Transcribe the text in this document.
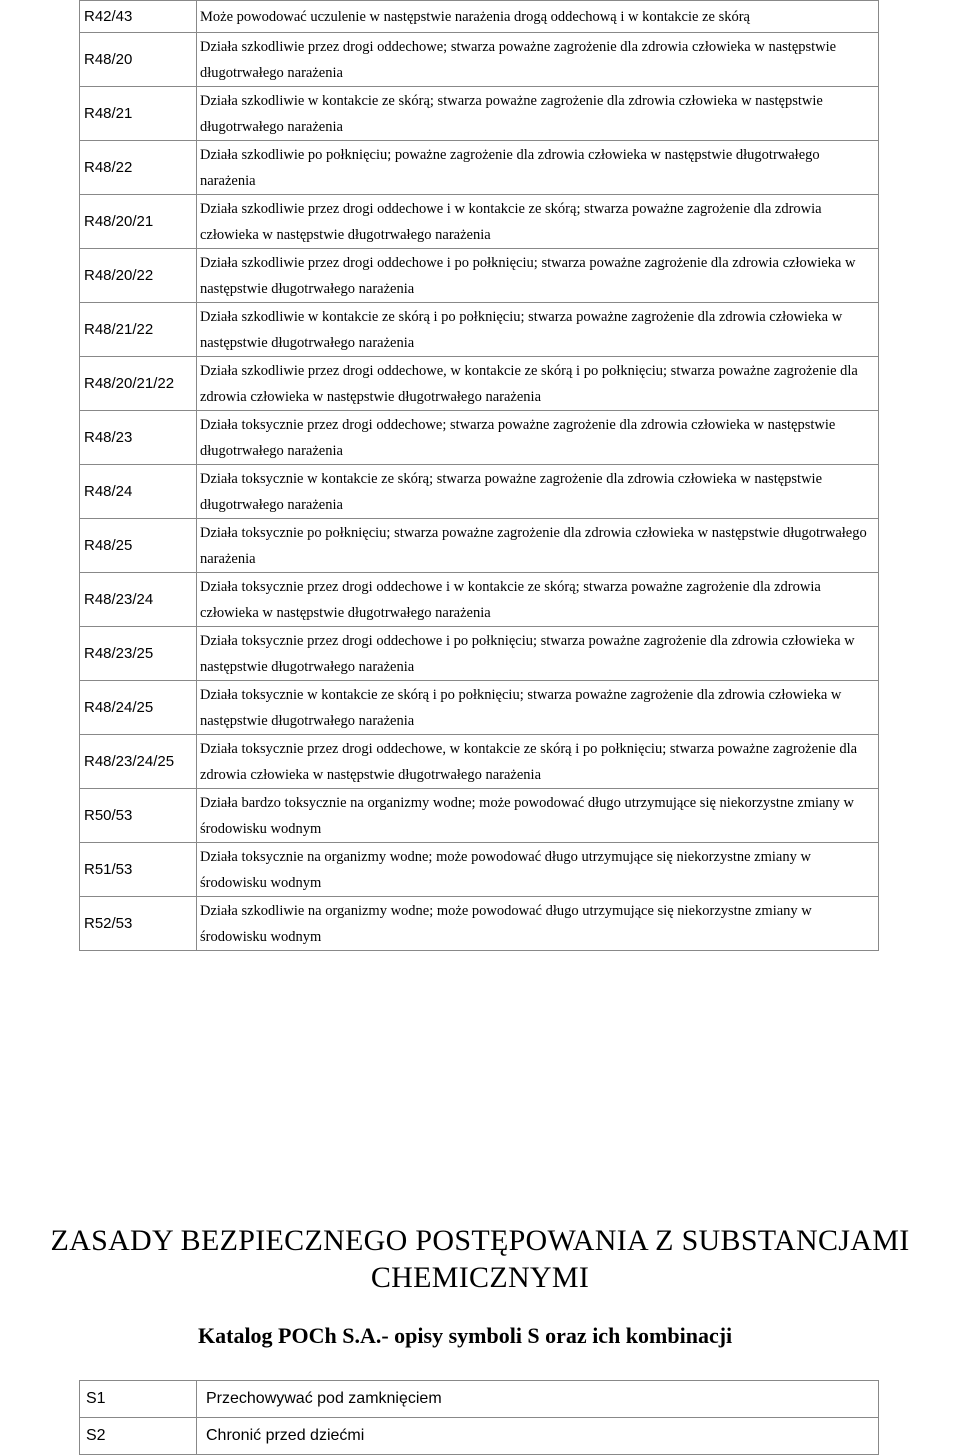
R42/43	Może powodować uczulenie w następstwie narażenia drogą oddechową i w kontakcie ze skórą
R48/20	Działa szkodliwie przez drogi oddechowe; stwarza poważne zagrożenie dla zdrowia człowieka w następstwie długotrwałego narażenia
R48/21	Działa szkodliwie w kontakcie ze skórą; stwarza poważne zagrożenie dla zdrowia człowieka w następstwie długotrwałego narażenia
R48/22	Działa szkodliwie po połknięciu; poważne zagrożenie dla zdrowia człowieka w następstwie długotrwałego narażenia
R48/20/21	Działa szkodliwie przez drogi oddechowe i w kontakcie ze skórą; stwarza poważne zagrożenie dla zdrowia człowieka w następstwie długotrwałego narażenia
R48/20/22	Działa szkodliwie przez drogi oddechowe i po połknięciu; stwarza poważne zagrożenie dla zdrowia człowieka w następstwie długotrwałego narażenia
R48/21/22	Działa szkodliwie w kontakcie ze skórą i po połknięciu; stwarza poważne zagrożenie dla zdrowia człowieka w następstwie długotrwałego narażenia
R48/20/21/22	Działa szkodliwie przez drogi oddechowe, w kontakcie ze skórą i po połknięciu; stwarza poważne zagrożenie dla zdrowia człowieka w następstwie długotrwałego narażenia
R48/23	Działa toksycznie przez drogi oddechowe; stwarza poważne zagrożenie dla zdrowia człowieka w następstwie długotrwałego narażenia
R48/24	Działa toksycznie w kontakcie ze skórą; stwarza poważne zagrożenie dla zdrowia człowieka w następstwie długotrwałego narażenia
R48/25	Działa toksycznie po połknięciu; stwarza poważne zagrożenie dla zdrowia człowieka w następstwie długotrwałego narażenia
R48/23/24	Działa toksycznie przez drogi oddechowe i w kontakcie ze skórą; stwarza poważne zagrożenie dla zdrowia człowieka w następstwie długotrwałego narażenia
R48/23/25	Działa toksycznie przez drogi oddechowe i po połknięciu; stwarza poważne zagrożenie dla zdrowia człowieka w następstwie długotrwałego narażenia
R48/24/25	Działa toksycznie w kontakcie ze skórą i po połknięciu; stwarza poważne zagrożenie dla zdrowia człowieka w następstwie długotrwałego narażenia
R48/23/24/25	Działa toksycznie przez drogi oddechowe, w kontakcie ze skórą i po połknięciu; stwarza poważne zagrożenie dla zdrowia człowieka w następstwie długotrwałego narażenia
R50/53	Działa bardzo toksycznie na organizmy wodne; może powodować długo utrzymujące się niekorzystne zmiany w środowisku wodnym
R51/53	Działa toksycznie na organizmy wodne; może powodować długo utrzymujące się niekorzystne zmiany w środowisku wodnym
R52/53	Działa szkodliwie na organizmy wodne; może powodować długo utrzymujące się niekorzystne zmiany w środowisku wodnym
ZASADY BEZPIECZNEGO POSTĘPOWANIA Z SUBSTANCJAMI CHEMICZNYMI
Katalog POCh S.A.- opisy symboli S oraz ich kombinacji
S1	Przechowywać pod zamknięciem
S2	Chronić przed dziećmi
